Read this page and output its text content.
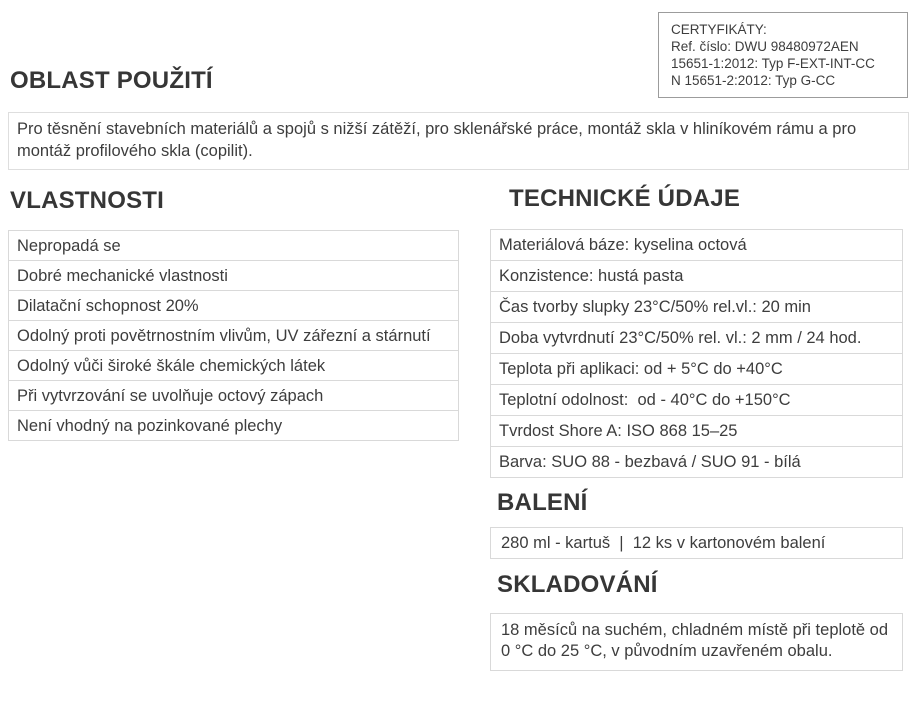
CERTYFIKÁTY:
Ref. číslo: DWU 98480972AEN
15651-1:2012: Typ F-EXT-INT-CC
N 15651-2:2012: Typ G-CC
OBLAST POUŽITÍ
Pro těsnění stavebních materiálů a spojů s nižší zátěží, pro sklenářské práce, montáž skla v hliníkovém rámu a pro montáž profilového skla (copilit).
VLASTNOSTI
Nepropadá se
Dobré mechanické vlastnosti
Dilatační schopnost 20%
Odolný proti povětrnostním vlivům, UV zářezní a stárnutí
Odolný vůči široké škále chemických látek
Při vytvrzování se uvolňuje octový zápach
Není vhodný na pozinkované plechy
TECHNICKÉ ÚDAJE
Materiálová báze: kyselina octová
Konzistence: hustá pasta
Čas tvorby slupky 23°C/50% rel.vl.: 20 min
Doba vytvrdnutí 23°C/50% rel. vl.: 2 mm / 24 hod.
Teplota při aplikaci: od + 5°C do +40°C
Teplotní odolnost:  od - 40°C do +150°C
Tvrdost Shore A: ISO 868 15–25
Barva: SUO 88 - bezbavá / SUO 91 - bílá
BALENÍ
280 ml - kartuš  |  12 ks v kartonovém balení
SKLADOVÁNÍ
18 měsíců na suchém, chladném místě při teplotě od 0 °C do 25 °C, v původním uzavřeném obalu.
